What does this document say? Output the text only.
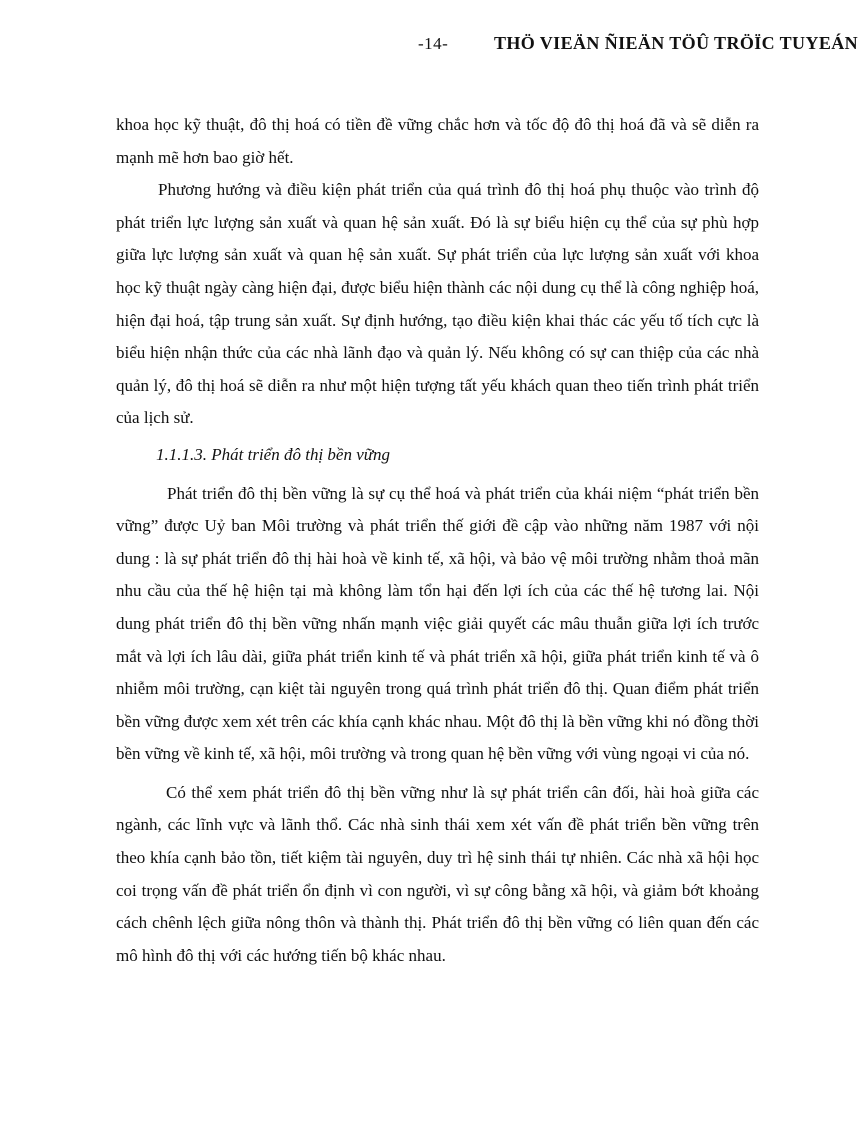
-14-	THÖ VIEÄN ÑIEÄN TÖÛ TRÖÏC TUYEÁN

khoa học kỹ thuật, đô thị hoá có tiền đề vững chắc hơn và tốc độ đô thị hoá đã và sẽ diễn ra mạnh mẽ hơn bao giờ hết.

Phương hướng và điều kiện phát triển của quá trình đô thị hoá phụ thuộc vào trình độ phát triển lực lượng sản xuất và quan hệ sản xuất. Đó là sự biểu hiện cụ thể của sự phù hợp giữa lực lượng sản xuất và quan hệ sản xuất. Sự phát triển của lực lượng sản xuất với khoa học kỹ thuật ngày càng hiện đại, được biểu hiện thành các nội dung cụ thể là công nghiệp hoá, hiện đại hoá, tập trung sản xuất. Sự định hướng, tạo điều kiện khai thác các yếu tố tích cực là biểu hiện nhận thức của các nhà lãnh đạo và quản lý. Nếu không có sự can thiệp của các nhà quản lý, đô thị hoá sẽ diễn ra như một hiện tượng tất yếu khách quan theo tiến trình phát triển của lịch sử.

1.1.1.3. Phát triển đô thị bền vững

Phát triển đô thị bền vững là sự cụ thể hoá và phát triển của khái niệm “phát triển bền vững” được Uỷ ban Môi trường và phát triển thế giới đề cập vào những năm 1987 với nội dung : là sự phát triển đô thị hài hoà về kinh tế, xã hội, và bảo vệ môi trường nhằm thoả mãn nhu cầu của thế hệ hiện tại mà không làm tổn hại đến lợi ích của các thế hệ tương lai. Nội dung phát triển đô thị bền vững nhấn mạnh việc giải quyết các mâu thuẫn giữa lợi ích trước mắt và lợi ích lâu dài, giữa phát triển kinh tế và phát triển xã hội, giữa phát triển kinh tế và ô nhiễm môi trường, cạn kiệt tài nguyên trong quá trình phát triển đô thị. Quan điểm phát triển bền vững được xem xét trên các khía cạnh khác nhau. Một đô thị là bền vững khi nó đồng thời bền vững về kinh tế, xã hội, môi trường và trong quan hệ bền vững với vùng ngoại vi của nó.

Có thể xem phát triển đô thị bền vững như là sự phát triển cân đối, hài hoà giữa các ngành, các lĩnh vực và lãnh thổ. Các nhà sinh thái xem xét vấn đề phát triển bền vững trên theo khía cạnh bảo tồn, tiết kiệm tài nguyên, duy trì hệ sinh thái tự nhiên. Các nhà xã hội học coi trọng vấn đề phát triển ổn định vì con người, vì sự công bằng xã hội, và giảm bớt khoảng cách chênh lệch giữa nông thôn và thành thị. Phát triển đô thị bền vững có liên quan đến các mô hình đô thị với các hướng tiến bộ khác nhau.
